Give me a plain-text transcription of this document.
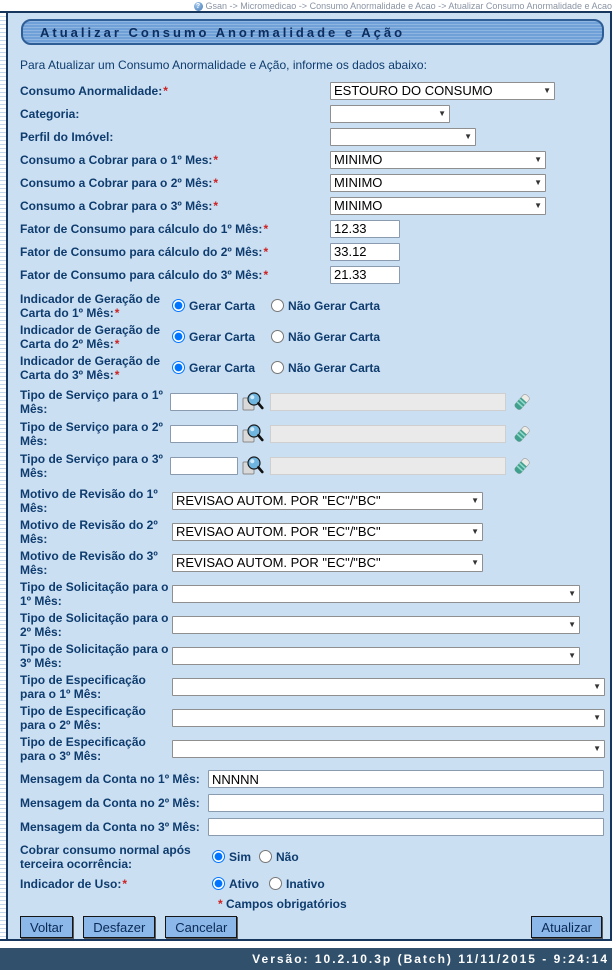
? Gsan -> Micromedicao -> Consumo Anormalidade e Acao -> Atualizar Consumo Anormalidade e Acao
Atualizar Consumo Anormalidade e Ação
Para Atualizar um Consumo Anormalidade e Ação, informe os dados abaixo:
Consumo Anormalidade:*	ESTOURO DO CONSUMO	▼
Categoria:	▼
Perfil do Imóvel:	▼
Consumo a Cobrar para o 1º Mes:*	MINIMO	▼
Consumo a Cobrar para o 2º Mês:*	MINIMO	▼
Consumo a Cobrar para o 3º Mês:*	MINIMO	▼
Fator de Consumo para cálculo do 1º Mês:*
12.33
Fator de Consumo para cálculo do 2º Mês:*
33.12
Fator de Consumo para cálculo do 3º Mês:*
21.33
Indicador de Geração de Carta do 1º Mês:*	Gerar Carta	Não Gerar Carta
Indicador de Geração de Carta do 2º Mês:*	Gerar Carta	Não Gerar Carta
Indicador de Geração de Carta do 3º Mês:*	Gerar Carta	Não Gerar Carta
Tipo de Serviço para o 1º Mês:
Tipo de Serviço para o 2º Mês:
Tipo de Serviço para o 3º Mês:
Motivo de Revisão do 1º Mês:	REVISAO AUTOM. POR "EC"/"BC"	▼
Motivo de Revisão do 2º Mês:	REVISAO AUTOM. POR "EC"/"BC"	▼
Motivo de Revisão do 3º Mês:	REVISAO AUTOM. POR "EC"/"BC"	▼
Tipo de Solicitação para o 1º Mês:	▼
Tipo de Solicitação para o 2º Mês:	▼
Tipo de Solicitação para o 3º Mês:	▼
Tipo de Especificação para o 1º Mês:	▼
Tipo de Especificação para o 2º Mês:	▼
Tipo de Especificação para o 3º Mês:	▼
Mensagem da Conta no 1º Mês:
NNNNN
Mensagem da Conta no 2º Mês:
Mensagem da Conta no 3º Mês:
Cobrar consumo normal após terceira ocorrência:	Sim Não
Indicador de Uso:*	Ativo Inativo
* Campos obrigatórios
Voltar	Desfazer	Cancelar	Atualizar
Versão: 10.2.10.3p (Batch) 11/11/2015 - 9:24:14
